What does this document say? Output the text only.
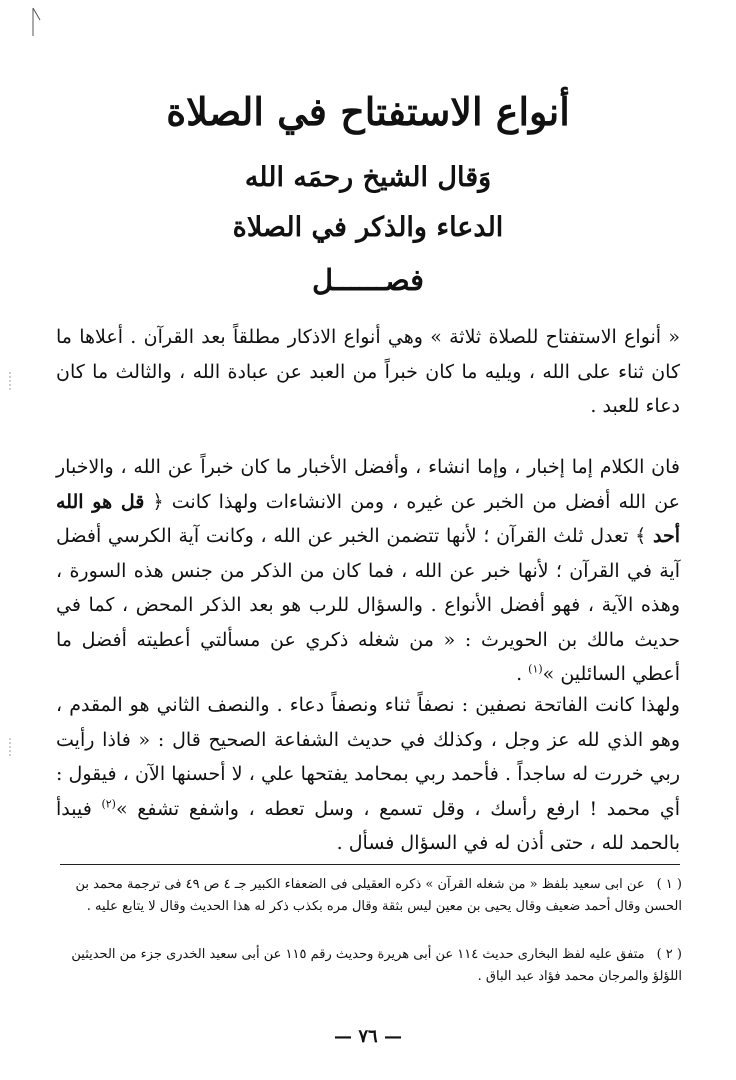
أنواع الاستفتاح في الصلاة
وَقال الشيخ رحمَه الله
الدعاء والذكر في الصلاة
فصــــــل

« أنواع الاستفتاح للصلاة ثلاثة » وهي أنواع الاذكار مطلقاً بعد القرآن . أعلاها ما كان ثناء على الله ، ويليه ما كان خبراً من العبد عن عبادة الله ، والثالث ما كان دعاء للعبد .

فان الكلام إما إخبار ، وإما انشاء ، وأفضل الأخبار ما كان خبراً عن الله ، والاخبار عن الله أفضل من الخبر عن غيره ، ومن الانشاءات ولهذا كانت ﴿ قل هو الله أحد ﴾ تعدل ثلث القرآن ؛ لأنها تتضمن الخبر عن الله ، وكانت آية الكرسي أفضل آية في القرآن ؛ لأنها خبر عن الله ، فما كان من الذكر من جنس هذه السورة ، وهذه الآية ، فهو أفضل الأنواع . والسؤال للرب هو بعد الذكر المحض ، كما في حديث مالك بن الحويرث : « من شغله ذكري عن مسألتي أعطيته أفضل ما أعطي السائلين »$^{(١)}$ .

ولهذا كانت الفاتحة نصفين : نصفاً ثناء ونصفاً دعاء . والنصف الثاني هو المقدم ، وهو الذي لله عز وجل ، وكذلك في حديث الشفاعة الصحيح قال : « فاذا رأيت ربي خررت له ساجداً . فأحمد ربي بمحامد يفتحها علي ، لا أحسنها الآن ، فيقول : أي محمد ! ارفع رأسك ، وقل تسمع ، وسل تعطه ، واشفع تشفع »$^{(٢)}$ فيبدأ بالحمد لله ، حتى أذن له في السؤال فسأل .

( ١ )عن ابى سعيد بلفظ « من شغله القرآن » ذكره العقيلى فى الضعفاء الكبير جـ ٤ ص ٤٩ فى ترجمة محمد بن الحسن وقال أحمد ضعيف وقال يحيى بن معين ليس بثقة وقال مره بكذب ذكر له هذا الحديث وقال لا يتابع عليه .

( ٢ )متفق عليه لفظ البخارى حديث ١١٤ عن أبى هريرة وحديث رقم ١١٥ عن أبى سعيد الخدرى جزء من الحديثين اللؤلؤ والمرجان محمد فؤاد عبد الباق .

— ٧٦ —
